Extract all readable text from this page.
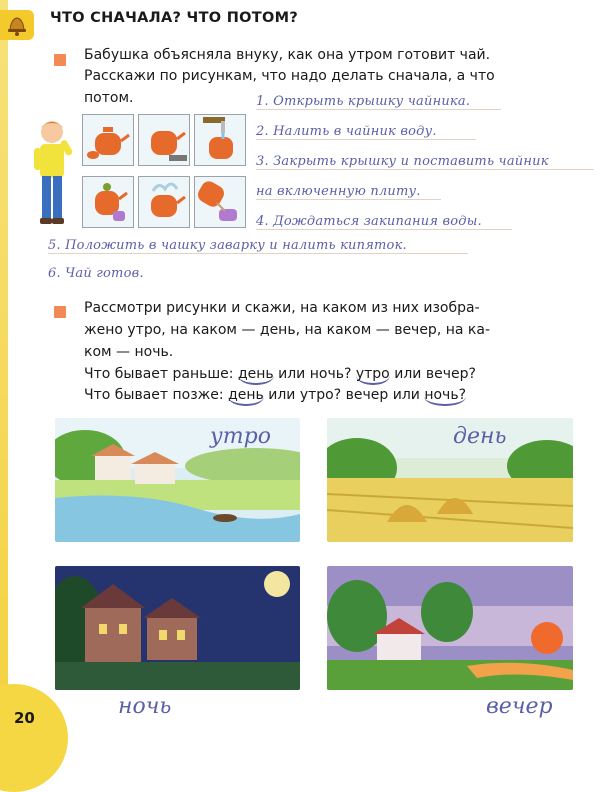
ЧТО СНАЧАЛА? ЧТО ПОТОМ?
Бабушка объясняла внуку, как она утром готовит чай.
Расскажи по рисункам, что надо делать сначала, а что
потом.	1. Открыть крышку чайника.
2. Налить в чайник воду.
3. Закрыть крышку и поставить чайник
на включенную плиту.
4. Дождаться закипания воды.
5. Положить в чашку заварку и налить кипяток.
6. Чай готов.
Рассмотри рисунки и скажи, на каком из них изобра-
жено утро, на каком — день, на каком — вечер, на ка-
ком — ночь.
Что бывает раньше: день или ночь? утро или вечер?
Что бывает позже: день или утро? вечер или ночь?
утро	день
ночь	вечер
20
